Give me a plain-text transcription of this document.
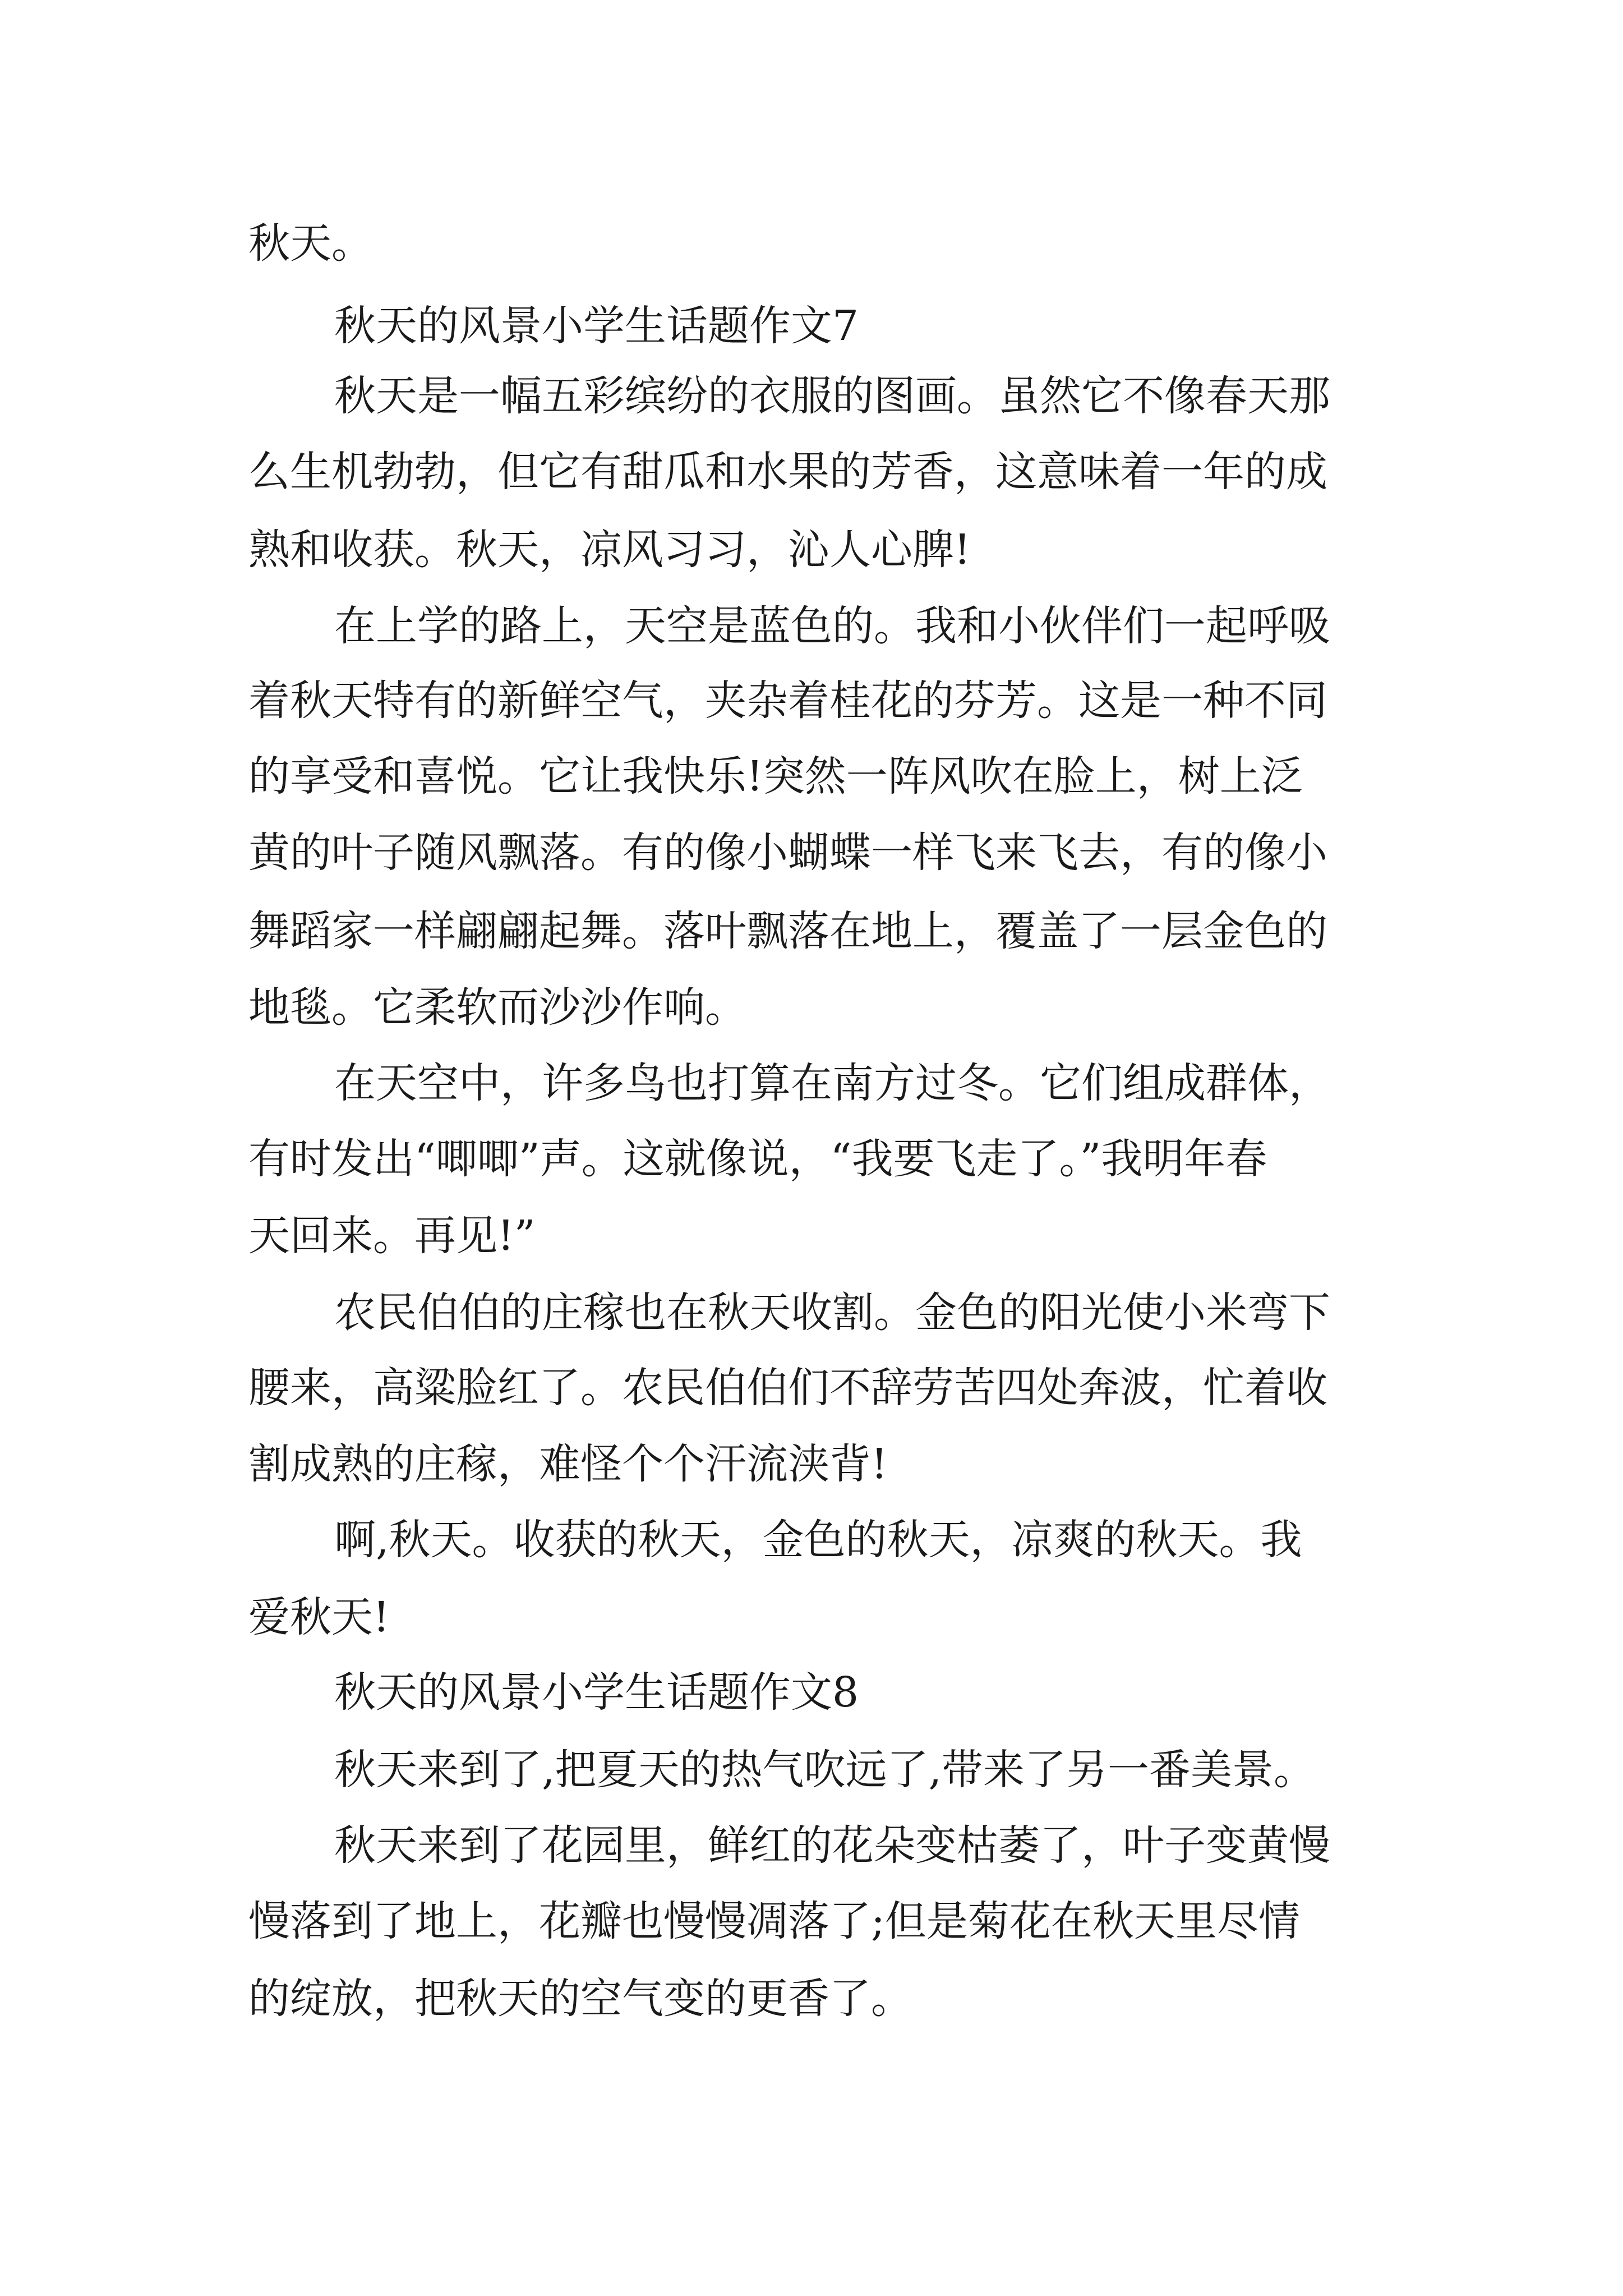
秋天。

秋天的风景小学生话题作文7

秋天是一幅五彩缤纷的衣服的图画。虽然它不像春天那

么生机勃勃，但它有甜瓜和水果的芳香，这意味着一年的成

熟和收获。秋天，凉风习习，沁人心脾!

在上学的路上，天空是蓝色的。我和小伙伴们一起呼吸

着秋天特有的新鲜空气，夹杂着桂花的芬芳。这是一种不同

的享受和喜悦。它让我快乐!突然一阵风吹在脸上，树上泛

黄的叶子随风飘落。有的像小蝴蝶一样飞来飞去，有的像小

舞蹈家一样翩翩起舞。落叶飘落在地上，覆盖了一层金色的

地毯。它柔软而沙沙作响。

在天空中，许多鸟也打算在南方过冬。它们组成群体，

有时发出“唧唧”声。这就像说，“我要飞走了。”我明年春

天回来。再见!”

农民伯伯的庄稼也在秋天收割。金色的阳光使小米弯下

腰来，高粱脸红了。农民伯伯们不辞劳苦四处奔波，忙着收

割成熟的庄稼，难怪个个汗流浃背!

啊,秋天。收获的秋天，金色的秋天，凉爽的秋天。我

爱秋天!

秋天的风景小学生话题作文8

秋天来到了,把夏天的热气吹远了,带来了另一番美景。

秋天来到了花园里，鲜红的花朵变枯萎了，叶子变黄慢

慢落到了地上，花瓣也慢慢凋落了;但是菊花在秋天里尽情

的绽放，把秋天的空气变的更香了。
